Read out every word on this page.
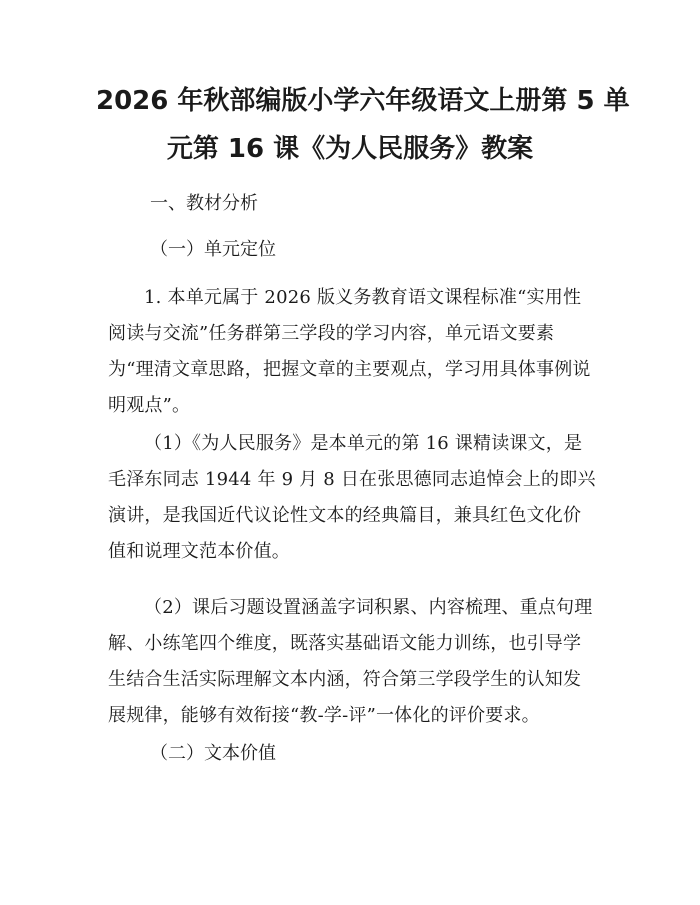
2026 年秋部编版小学六年级语文上册第 5 单
元第 16 课《为人民服务》教案

一、教材分析

（一）单元定位

1. 本单元属于 2026 版义务教育语文课程标准“实用性阅读与交流”任务群第三学段的学习内容，单元语文要素为“理清文章思路，把握文章的主要观点，学习用具体事例说明观点”。

（1）《为人民服务》是本单元的第 16 课精读课文，是毛泽东同志 1944 年 9 月 8 日在张思德同志追悼会上的即兴演讲，是我国近代议论性文本的经典篇目，兼具红色文化价值和说理文范本价值。

（2）课后习题设置涵盖字词积累、内容梳理、重点句理解、小练笔四个维度，既落实基础语文能力训练，也引导学生结合生活实际理解文本内涵，符合第三学段学生的认知发展规律，能够有效衔接“教-学-评”一体化的评价要求。

（二）文本价值
